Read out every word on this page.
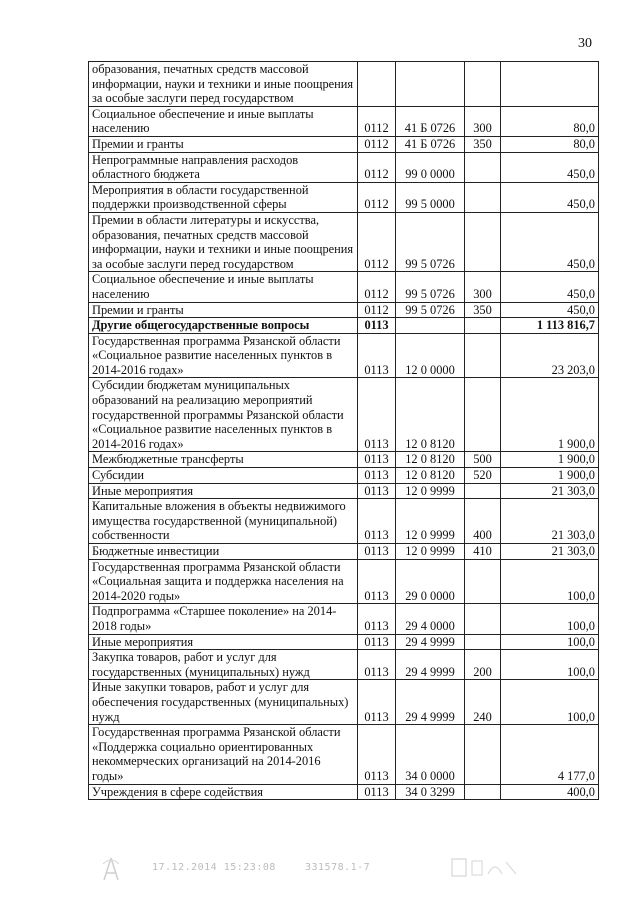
30
образования, печатных средств массовой информации, науки и техники и иные поощрения за особые заслуги перед государством				
Социальное обеспечение и иные выплаты населению	0112	41 Б 0726	300	80,0
Премии и гранты	0112	41 Б 0726	350	80,0
Непрограммные направления расходов областного бюджета	0112	99 0 0000		450,0
Мероприятия в области государственной поддержки производственной сферы	0112	99 5 0000		450,0
Премии в области литературы и искусства, образования, печатных средств массовой информации, науки и техники и иные поощрения за особые заслуги перед государством	0112	99 5 0726		450,0
Социальное обеспечение и иные выплаты населению	0112	99 5 0726	300	450,0
Премии и гранты	0112	99 5 0726	350	450,0
Другие общегосударственные вопросы	0113			1 113 816,7
Государственная программа Рязанской области «Социальное развитие населенных пунктов в 2014-2016 годах»	0113	12 0 0000		23 203,0
Субсидии бюджетам муниципальных образований на реализацию мероприятий государственной программы Рязанской области «Социальное развитие населенных пунктов в 2014-2016 годах»	0113	12 0 8120		1 900,0
Межбюджетные трансферты	0113	12 0 8120	500	1 900,0
Субсидии	0113	12 0 8120	520	1 900,0
Иные мероприятия	0113	12 0 9999		21 303,0
Капитальные вложения в объекты недвижимого имущества государственной (муниципальной) собственности	0113	12 0 9999	400	21 303,0
Бюджетные инвестиции	0113	12 0 9999	410	21 303,0
Государственная программа Рязанской области «Социальная защита и поддержка населения на 2014-2020 годы»	0113	29 0 0000		100,0
Подпрограмма «Старшее поколение» на 2014-2018 годы»	0113	29 4 0000		100,0
Иные мероприятия	0113	29 4 9999		100,0
Закупка товаров, работ и услуг для государственных (муниципальных) нужд	0113	29 4 9999	200	100,0
Иные закупки товаров, работ и услуг для обеспечения государственных (муниципальных) нужд	0113	29 4 9999	240	100,0
Государственная программа Рязанской области «Поддержка социально ориентированных некоммерческих организаций на 2014-2016 годы»	0113	34 0 0000		4 177,0
Учреждения в сфере содействия	0113	34 0 3299		400,0
17.12.2014 15:23:08	331578.1-7
